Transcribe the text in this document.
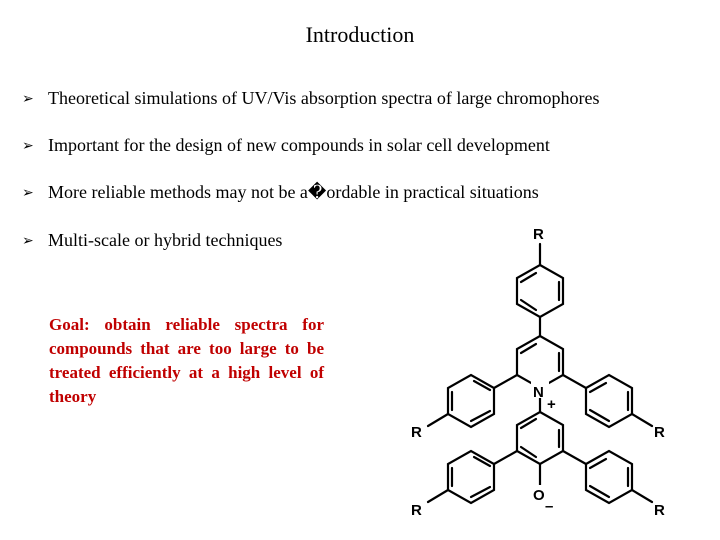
Introduction
➢ Theoretical simulations of UV/Vis absorption spectra of large chromophores
➢ Important for the design of new compounds in solar cell development
➢ More reliable methods may not be a�ordable in practical situations
➢ Multi-scale or hybrid techniques
Goal: obtain reliable spectra for compounds that are too large to be treated efficiently at a high level of theory
R
N
+
R	R
O
–
R	R
